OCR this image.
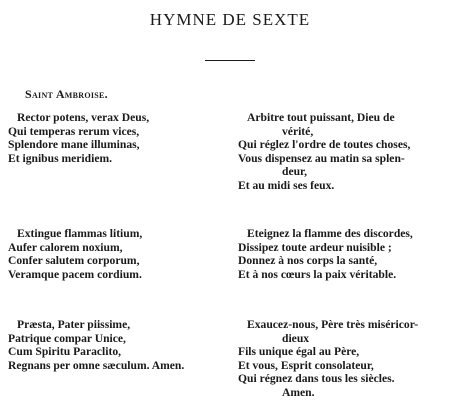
HYMNE DE SEXTE
Saint Ambroise.
Rector potens, verax Deus,
Qui temperas rerum vices,
Splendore mane illuminas,
Et ignibus meridiem.
Extingue flammas litium,
Aufer calorem noxium,
Confer salutem corporum,
Veramque pacem cordium.
Præsta, Pater piissime,
Patrique compar Unice,
Cum Spiritu Paraclito,
Regnans per omne sæculum. Amen.
Arbitre tout puissant, Dieu de
vérité,
Qui réglez l'ordre de toutes choses,
Vous dispensez au matin sa splen-
deur,
Et au midi ses feux.
Eteignez la flamme des discordes,
Dissipez toute ardeur nuisible ;
Donnez à nos corps la santé,
Et à nos cœurs la paix véritable.
Exaucez-nous, Père très miséricor-
dieux
Fils unique égal au Père,
Et vous, Esprit consolateur,
Qui régnez dans tous les siècles.
Amen.
